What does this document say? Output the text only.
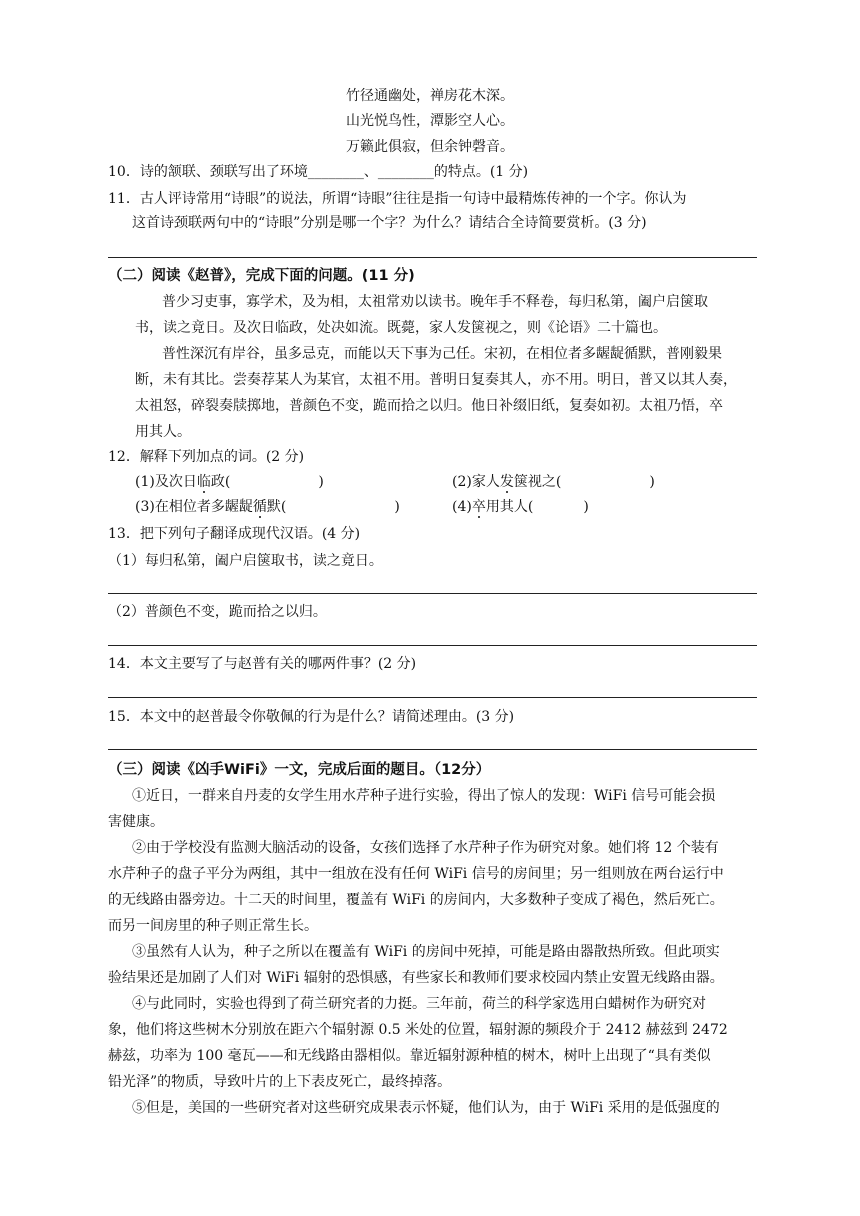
竹径通幽处，禅房花木深。
山光悦鸟性，潭影空人心。
万籁此俱寂，但余钟磬音。
10．诗的颔联、颈联写出了环境________、________的特点。(1 分)
11．古人评诗常用“诗眼”的说法，所谓“诗眼”往往是指一句诗中最精炼传神的一个字。你认为
这首诗颈联两句中的“诗眼”分别是哪一个字？为什么？请结合全诗简要赏析。(3 分)
（二）阅读《赵普》，完成下面的问题。(11 分)
普少习吏事，寡学术，及为相，太祖常劝以读书。晚年手不释卷，每归私第，阖户启箧取
书，读之竟日。及次日临政，处决如流。既薨，家人发箧视之，则《论语》二十篇也。
普性深沉有岸谷，虽多忌克，而能以天下事为己任。宋初，在相位者多龌龊循默，普刚毅果
断，未有其比。尝奏荐某人为某官，太祖不用。普明日复奏其人，亦不用。明日，普又以其人奏，
太祖怒，碎裂奏牍掷地，普颜色不变，跪而拾之以归。他日补缀旧纸，复奏如初。太祖乃悟，卒
用其人。
12．解释下列加点的词。(2 分)
(1)及次日临政(	)	(2)家人发箧视之(	)
(3)在相位者多龌龊循默(	)	(4)卒用其人(	)
13．把下列句子翻译成现代汉语。(4 分)
（1）每归私第，阖户启箧取书，读之竟日。
（2）普颜色不变，跪而拾之以归。
14．本文主要写了与赵普有关的哪两件事？(2 分)
15．本文中的赵普最令你敬佩的行为是什么？请简述理由。(3 分)
（三）阅读《凶手WiFi》一文，完成后面的题目。（12分）
①近日，一群来自丹麦的女学生用水芹种子进行实验，得出了惊人的发现：WiFi 信号可能会损
害健康。
②由于学校没有监测大脑活动的设备，女孩们选择了水芹种子作为研究对象。她们将 12 个装有
水芹种子的盘子平分为两组，其中一组放在没有任何 WiFi 信号的房间里；另一组则放在两台运行中
的无线路由器旁边。十二天的时间里，覆盖有 WiFi 的房间内，大多数种子变成了褐色，然后死亡。
而另一间房里的种子则正常生长。
③虽然有人认为，种子之所以在覆盖有 WiFi 的房间中死掉，可能是路由器散热所致。但此项实
验结果还是加剧了人们对 WiFi 辐射的恐惧感，有些家长和教师们要求校园内禁止安置无线路由器。
④与此同时，实验也得到了荷兰研究者的力挺。三年前，荷兰的科学家选用白蜡树作为研究对
象，他们将这些树木分别放在距六个辐射源 0.5 米处的位置，辐射源的频段介于 2412 赫兹到 2472
赫兹，功率为 100 毫瓦——和无线路由器相似。靠近辐射源种植的树木，树叶上出现了“具有类似
铅光泽”的物质，导致叶片的上下表皮死亡，最终掉落。
⑤但是，美国的一些研究者对这些研究成果表示怀疑，他们认为，由于 WiFi 采用的是低强度的
